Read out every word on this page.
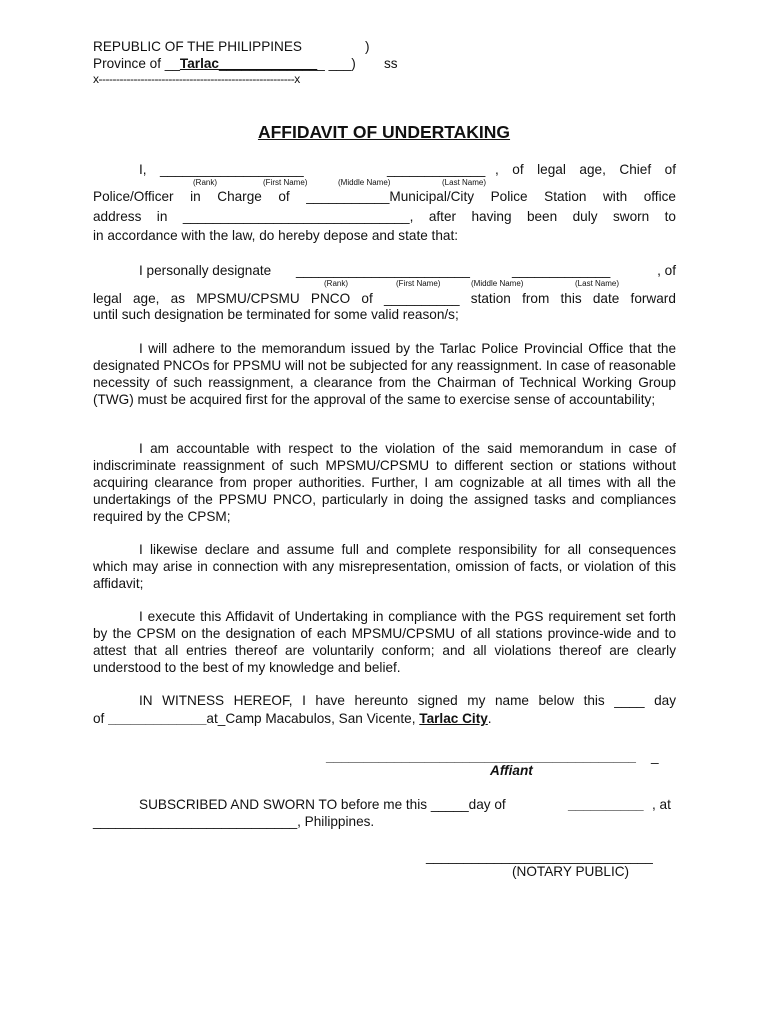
REPUBLIC OF THE PHILIPPINES	)
Province of __Tarlac______________ ___) ss
x--------------------------------------------------------x
AFFIDAVIT OF UNDERTAKING
I, ___________________	_____________ , of legal age, Chief of
(Rank)	(First Name)	(Middle Name)	(Last Name)
Police/Officer in Charge of ___________Municipal/City Police Station with office
address in ______________________________, after having been duly sworn to
in accordance with the law, do hereby depose and state that:
I personally designate _______________________	_____________	, of
(Rank)	(First Name)	(Middle Name)	(Last Name)
legal age, as MPSMU/CPSMU PNCO of __________ station from this date forward
until such designation be terminated for some valid reason/s;
I will adhere to the memorandum issued by the Tarlac Police Provincial Office that the designated PNCOs for PPSMU will not be subjected for any reassignment. In case of reasonable necessity of such reassignment, a clearance from the Chairman of Technical Working Group (TWG) must be acquired first for the approval of the same to exercise sense of accountability;
I am accountable with respect to the violation of the said memorandum in case of indiscriminate reassignment of such MPSMU/CPSMU to different section or stations without acquiring clearance from proper authorities. Further, I am cognizable at all times with all the undertakings of the PPSMU PNCO, particularly in doing the assigned tasks and compliances required by the CPSM;
I likewise declare and assume full and complete responsibility for all consequences which may arise in connection with any misrepresentation, omission of facts, or violation of this affidavit;
I execute this Affidavit of Undertaking in compliance with the PGS requirement set forth by the CPSM on the designation of each MPSMU/CPSMU of all stations province-wide and to attest that all entries thereof are voluntarily conform; and all violations thereof are clearly understood to the best of my knowledge and belief.
IN WITNESS HEREOF, I have hereunto signed my name below this ____ day
of _____________at_Camp Macabulos, San Vicente, Tarlac City.
_________________________________________ _
Affiant
SUBSCRIBED AND SWORN TO before me this _____day of	__________ , at
___________________________, Philippines.
______________________________
(NOTARY PUBLIC)
